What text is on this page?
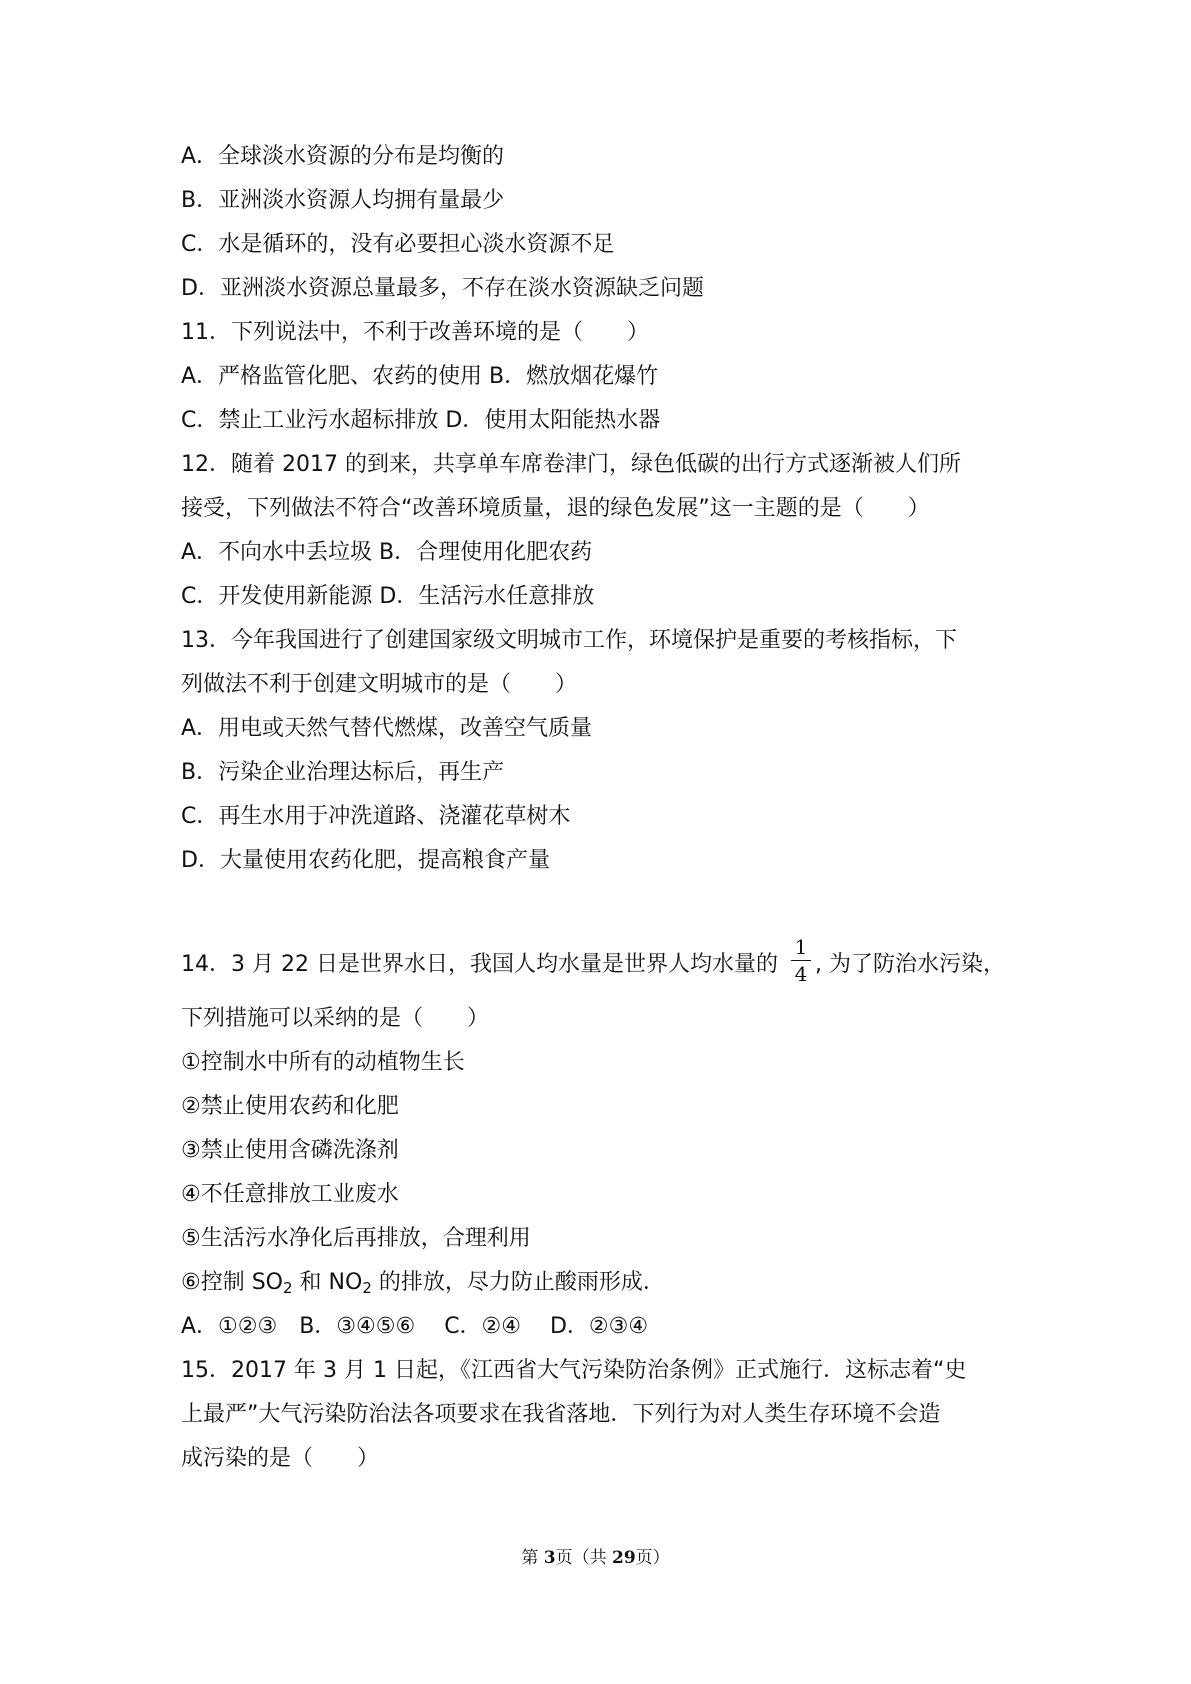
A．全球淡水资源的分布是均衡的
B．亚洲淡水资源人均拥有量最少
C．水是循环的，没有必要担心淡水资源不足
D．亚洲淡水资源总量最多，不存在淡水资源缺乏问题
11．下列说法中，不利于改善环境的是（　　）
A．严格监管化肥、农药的使用 B．燃放烟花爆竹
C．禁止工业污水超标排放 D．使用太阳能热水器
12．随着 2017 的到来，共享单车席卷津门，绿色低碳的出行方式逐渐被人们所
接受，下列做法不符合“改善环境质量，退的绿色发展”这一主题的是（　　）
A．不向水中丢垃圾 B．合理使用化肥农药
C．开发使用新能源 D．生活污水任意排放
13．今年我国进行了创建国家级文明城市工作，环境保护是重要的考核指标，下
列做法不利于创建文明城市的是（　　）
A．用电或天然气替代燃煤，改善空气质量
B．污染企业治理达标后，再生产
C．再生水用于冲洗道路、浇灌花草树木
D．大量使用农药化肥，提高粮食产量
14．3 月 22 日是世界水日，我国人均水量是世界人均水量的
1
4 , 为了防治水污染，
下列措施可以采纳的是（　　）
①控制水中所有的动植物生长
②禁止使用农药和化肥
③禁止使用含磷洗涤剂
④不任意排放工业废水
⑤生活污水净化后再排放，合理利用
⑥控制 $SO_2$ 和 $NO_2$ 的排放，尽力防止酸雨形成．
A．①②③　B．③④⑤⑥　 C．②④　 D．②③④
15．2017 年 3 月 1 日起，《江西省大气污染防治条例》正式施行．这标志着“史
上最严”大气污染防治法各项要求在我省落地．下列行为对人类生存环境不会造
成污染的是（　　）
第 3页（共 29页）
